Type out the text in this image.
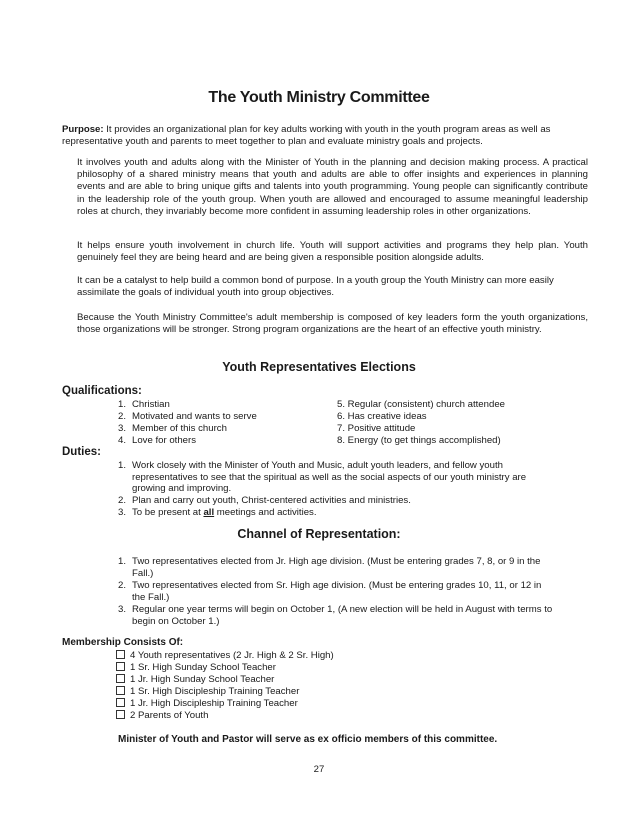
The Youth Ministry Committee
Purpose: It provides an organizational plan for key adults working with youth in the youth program areas as well as representative youth and parents to meet together to plan and evaluate ministry goals and projects.
It involves youth and adults along with the Minister of Youth in the planning and decision making process. A practical philosophy of a shared ministry means that youth and adults are able to offer insights and experiences in planning events and are able to bring unique gifts and talents into youth programming. Young people can significantly contribute in the leadership role of the youth group. When youth are allowed and encouraged to assume meaningful leadership roles at church, they invariably become more confident in assuming leadership roles in other organizations.
It helps ensure youth involvement in church life. Youth will support activities and programs they help plan. Youth genuinely feel they are being heard and are being given a responsible position alongside adults.
It can be a catalyst to help build a common bond of purpose. In a youth group the Youth Ministry can more easily assimilate the goals of individual youth into group objectives.
Because the Youth Ministry Committee's adult membership is composed of key leaders form the youth organizations, those organizations will be stronger. Strong program organizations are the heart of an effective youth ministry.
Youth Representatives Elections
Qualifications:
1. Christian
2. Motivated and wants to serve
3. Member of this church
4. Love for others
5. Regular (consistent) church attendee
6. Has creative ideas
7. Positive attitude
8. Energy (to get things accomplished)
Duties:
1. Work closely with the Minister of Youth and Music, adult youth leaders, and fellow youth representatives to see that the spiritual as well as the social aspects of our youth ministry are growing and improving.
2. Plan and carry out youth, Christ-centered activities and ministries.
3. To be present at all meetings and activities.
Channel of Representation:
1. Two representatives elected from Jr. High age division. (Must be entering grades 7, 8, or 9 in the Fall.)
2. Two representatives elected from Sr. High age division. (Must be entering grades 10, 11, or 12 in the Fall.)
3. Regular one year terms will begin on October 1, (A new election will be held in August with terms to begin on October 1.)
Membership Consists Of:
4 Youth representatives (2 Jr. High & 2 Sr. High)
1 Sr. High Sunday School Teacher
1 Jr. High Sunday School Teacher
1 Sr. High Discipleship Training Teacher
1 Jr. High Discipleship Training Teacher
2 Parents of Youth
Minister of Youth and Pastor will serve as ex officio members of this committee.
27
